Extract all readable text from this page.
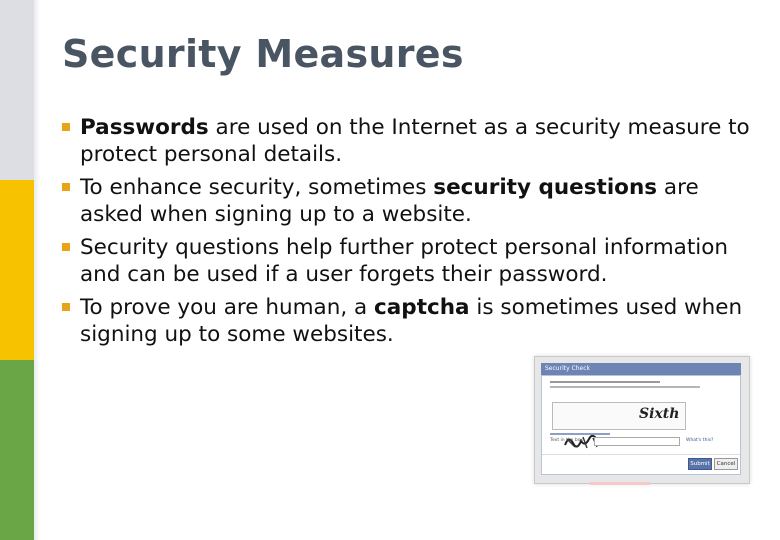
Security Measures
Passwords are used on the Internet as a security measure to protect personal details.
To enhance security, sometimes security questions are asked when signing up to a website.
Security questions help further protect personal information and can be used if a user forgets their password.
To prove you are human, a captcha is sometimes used when signing up to some websites.
Security Check
Sixth
Text in the box:	What's this?
Submit	Cancel
